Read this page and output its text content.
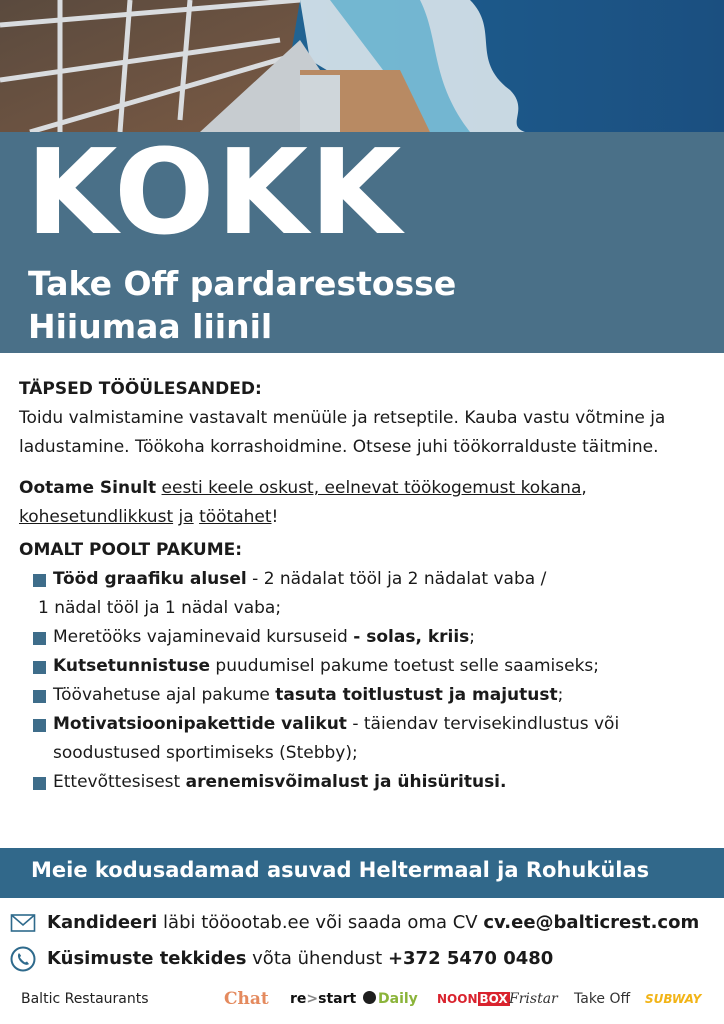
KOKK
Take Off pardarestosse
Hiiumaa liinil
TÄPSED TÖÖÜLESANDED:

Toidu valmistamine vastavalt menüüle ja retseptile. Kauba vastu võtmine ja ladustamine. Töökoha korrashoidmine. Otsese juhi töökorralduste täitmine.

Ootame Sinult eesti keele oskust, eelnevat töökogemust kokana, kohesetundlikkust ja töötahet!

OMALT POOLT PAKUME:
Tööd graafiku alusel - 2 nädalat tööl ja 2 nädalat vaba /
1 nädal tööl ja 1 nädal vaba;
Meretööks vajaminevaid kursuseid - solas, kriis;
Kutsetunnistuse puudumisel pakume toetust selle saamiseks;
Töövahetuse ajal pakume tasuta toitlustust ja majutust;
Motivatsioonipakettide valikut - täiendav tervisekindlustus või
soodustused sportimiseks (Stebby);
Ettevõttesisest arenemisvõimalust ja ühisüritusi.
Meie kodusadamad asuvad Heltermaal ja Rohukülas
Kandideeri läbi tööootab.ee või saada oma CV cv.ee@balticrest.com
Küsimuste tekkides võta ühendust +372 5470 0480
Baltic Restaurants	Chat re>start	Daily NOON BOX Fristar Take Off SUBWAY
